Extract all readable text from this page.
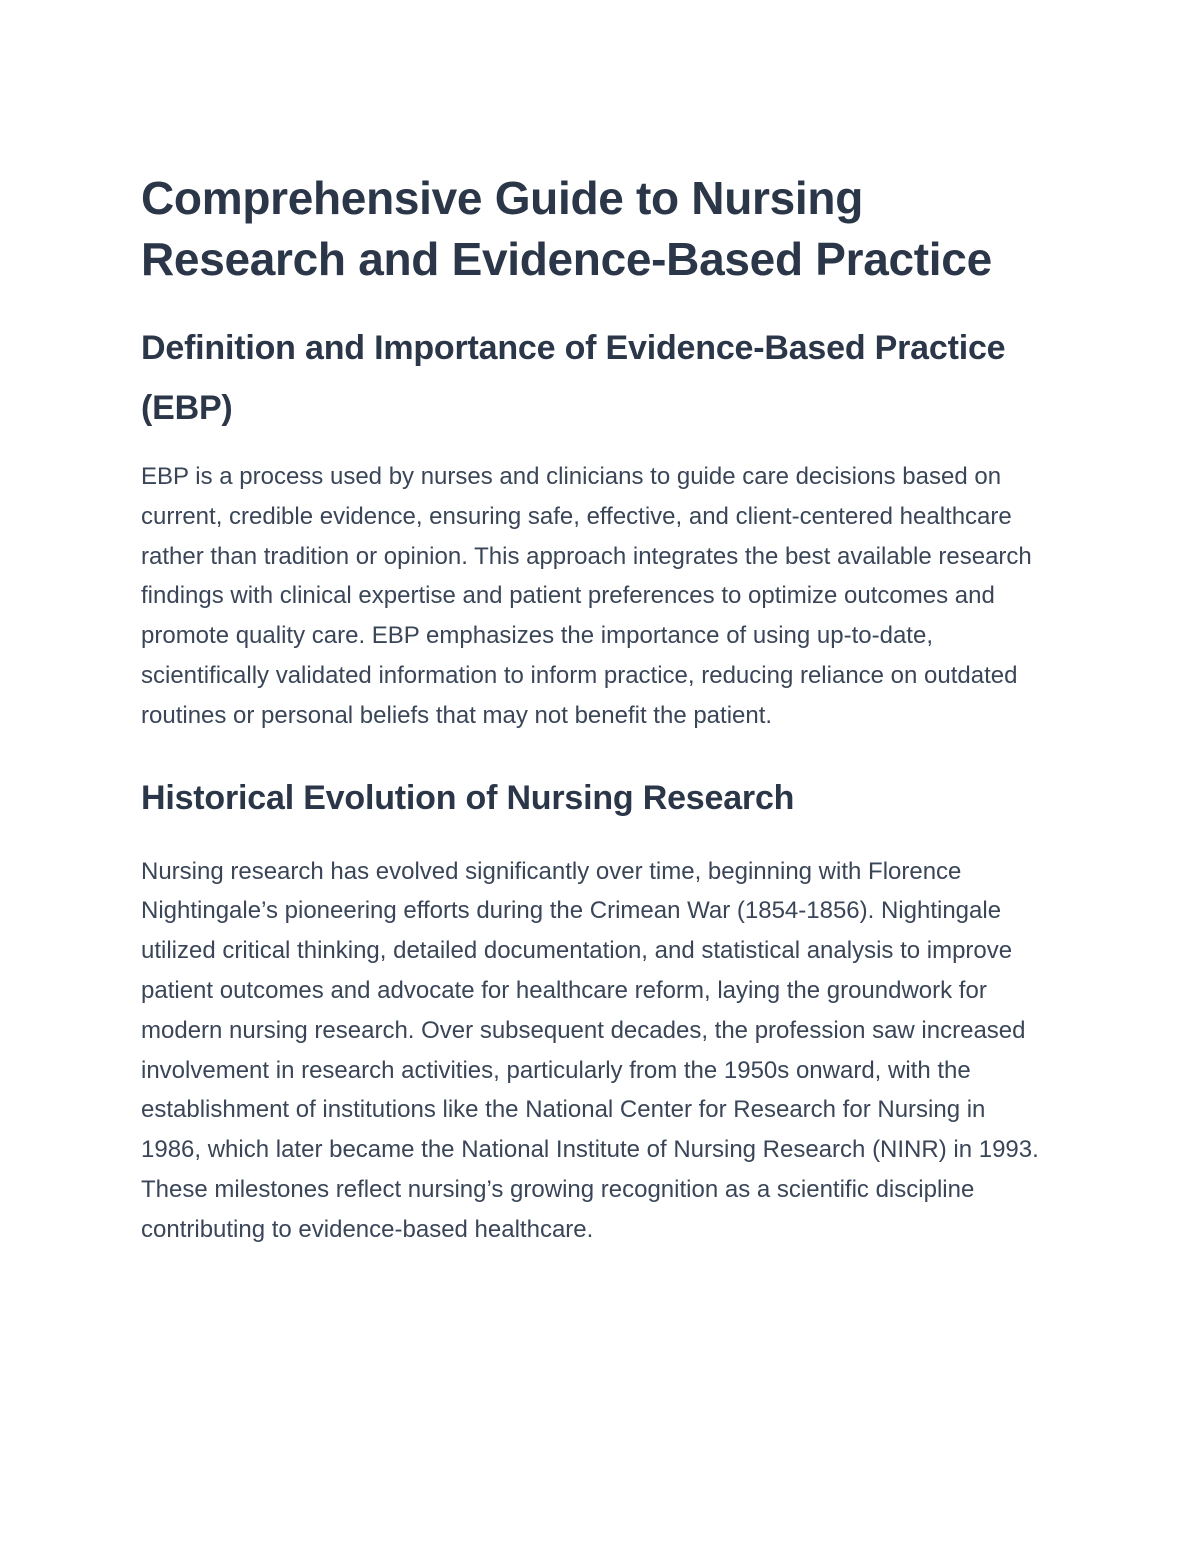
Comprehensive Guide to Nursing Research and Evidence-Based Practice
Definition and Importance of Evidence-Based Practice (EBP)

EBP is a process used by nurses and clinicians to guide care decisions based on current, credible evidence, ensuring safe, effective, and client-centered healthcare rather than tradition or opinion. This approach integrates the best available research findings with clinical expertise and patient preferences to optimize outcomes and promote quality care. EBP emphasizes the importance of using up-to-date, scientifically validated information to inform practice, reducing reliance on outdated routines or personal beliefs that may not benefit the patient.

Historical Evolution of Nursing Research

Nursing research has evolved significantly over time, beginning with Florence Nightingale’s pioneering efforts during the Crimean War (1854-1856). Nightingale utilized critical thinking, detailed documentation, and statistical analysis to improve patient outcomes and advocate for healthcare reform, laying the groundwork for modern nursing research. Over subsequent decades, the profession saw increased involvement in research activities, particularly from the 1950s onward, with the establishment of institutions like the National Center for Research for Nursing in 1986, which later became the National Institute of Nursing Research (NINR) in 1993. These milestones reflect nursing’s growing recognition as a scientific discipline contributing to evidence-based healthcare.
